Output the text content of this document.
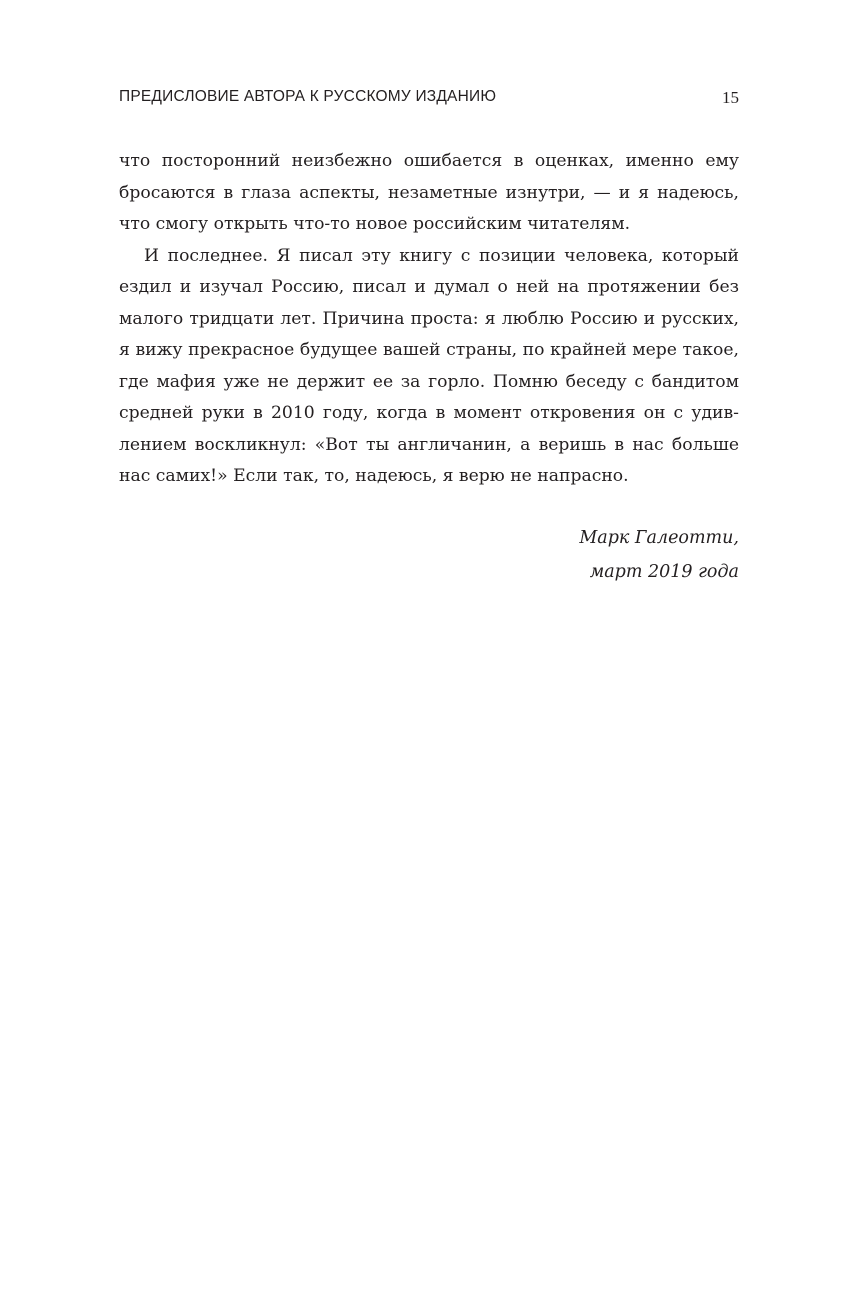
ПРЕДИСЛОВИЕ АВТОРА К РУССКОМУ ИЗДАНИЮ	15
что посторонний неизбежно ошибается в оценках, именно ему
бросаются в глаза аспекты, незаметные изнутри, — и я надеюсь,
что смогу открыть что-то новое российским читателям.
И последнее. Я писал эту книгу с позиции человека, который
ездил и изучал Россию, писал и думал о ней на протяжении без
малого тридцати лет. Причина проста: я люблю Россию и русских,
я вижу прекрасное будущее вашей страны, по крайней мере такое,
где мафия уже не держит ее за горло. Помню беседу с бандитом
средней руки в 2010 году, когда в момент откровения он с удив-
лением воскликнул: «Вот ты англичанин, а веришь в нас больше
нас самих!» Если так, то, надеюсь, я верю не напрасно.
Марк Галеотти,
март 2019 года
